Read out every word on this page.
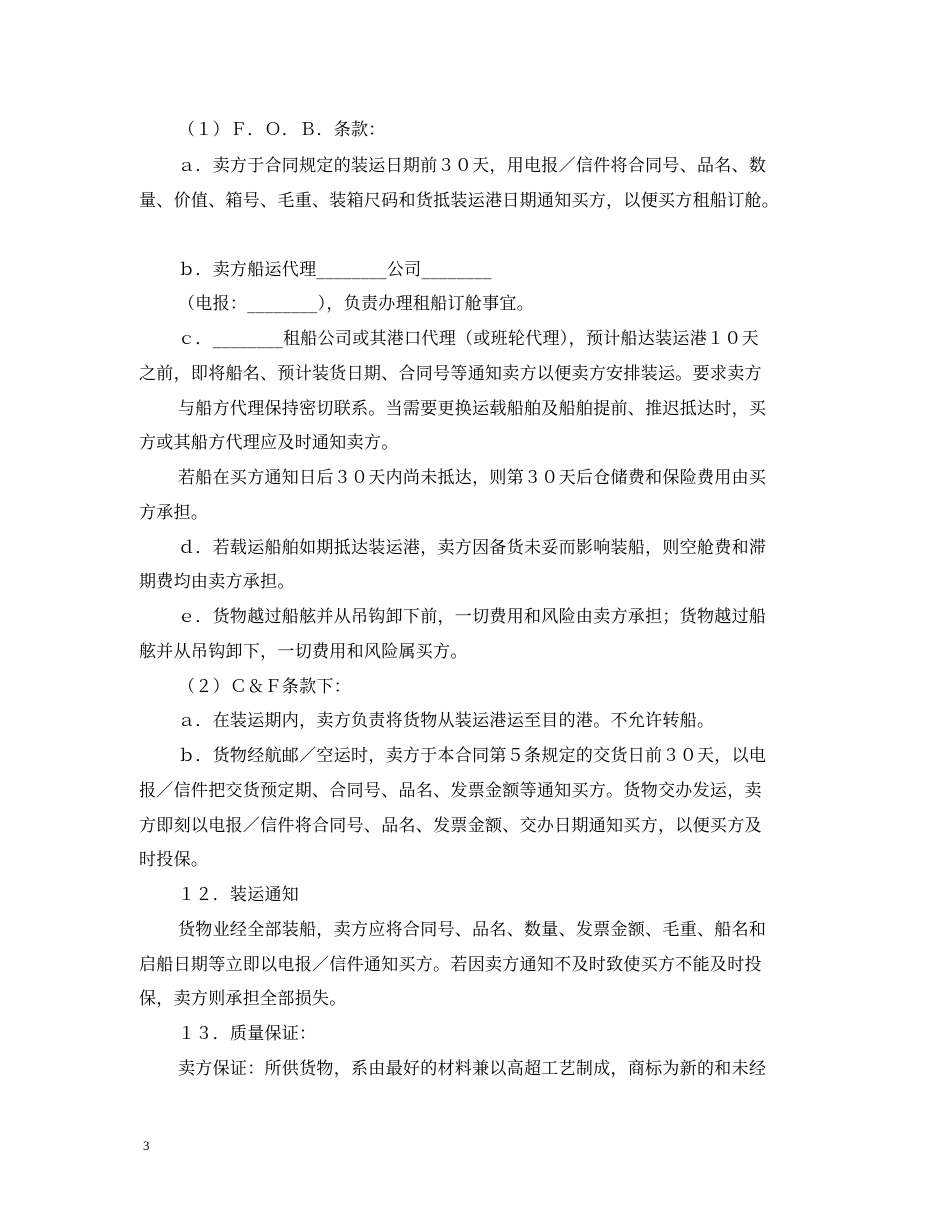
（１）Ｆ．Ｏ．Ｂ．条款：
ａ．卖方于合同规定的装运日期前３０天，用电报／信件将合同号、品名、数
量、价值、箱号、毛重、装箱尺码和货抵装运港日期通知买方，以便买方租船订舱。
ｂ．卖方船运代理________公司________
（电报：________），负责办理租船订舱事宜。
ｃ．________租船公司或其港口代理（或班轮代理），预计船达装运港１０天
之前，即将船名、预计装货日期、合同号等通知卖方以便卖方安排装运。要求卖方
与船方代理保持密切联系。当需要更换运载船舶及船舶提前、推迟抵达时，买
方或其船方代理应及时通知卖方。
若船在买方通知日后３０天内尚未抵达，则第３０天后仓储费和保险费用由买
方承担。
ｄ．若载运船舶如期抵达装运港，卖方因备货未妥而影响装船，则空舱费和滞
期费均由卖方承担。
ｅ．货物越过船舷并从吊钩卸下前，一切费用和风险由卖方承担；货物越过船
舷并从吊钩卸下，一切费用和风险属买方。
（２）Ｃ＆Ｆ条款下：
ａ．在装运期内，卖方负责将货物从装运港运至目的港。不允许转船。
ｂ．货物经航邮／空运时，卖方于本合同第５条规定的交货日前３０天，以电
报／信件把交货预定期、合同号、品名、发票金额等通知买方。货物交办发运，卖
方即刻以电报／信件将合同号、品名、发票金额、交办日期通知买方，以便买方及
时投保。
１２．装运通知
货物业经全部装船，卖方应将合同号、品名、数量、发票金额、毛重、船名和
启船日期等立即以电报／信件通知买方。若因卖方通知不及时致使买方不能及时投
保，卖方则承担全部损失。
１３．质量保证：
卖方保证：所供货物，系由最好的材料兼以高超工艺制成，商标为新的和未经
3
